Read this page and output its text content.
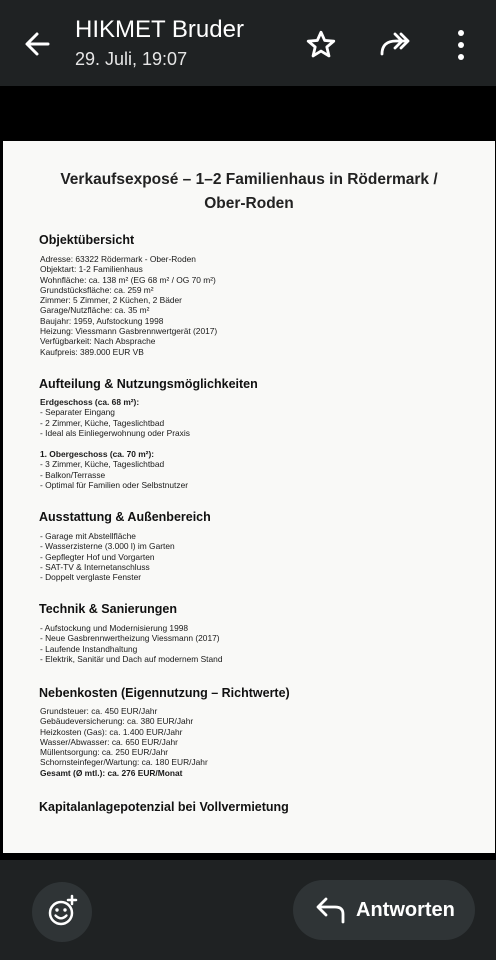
HIKMET Bruder
29. Juli, 19:07
Verkaufsexposé – 1–2 Familienhaus in Rödermark /
Ober-Roden
Objektübersicht
Adresse: 63322 Rödermark - Ober-Roden
Objektart: 1-2 Familienhaus
Wohnfläche: ca. 138 m² (EG 68 m² / OG 70 m²)
Grundstücksfläche: ca. 259 m²
Zimmer: 5 Zimmer, 2 Küchen, 2 Bäder
Garage/Nutzfläche: ca. 35 m²
Baujahr: 1959, Aufstockung 1998
Heizung: Viessmann Gasbrennwertgerät (2017)
Verfügbarkeit: Nach Absprache
Kaufpreis: 389.000 EUR VB
Aufteilung & Nutzungsmöglichkeiten
Erdgeschoss (ca. 68 m²):
- Separater Eingang
- 2 Zimmer, Küche, Tageslichtbad
- Ideal als Einliegerwohnung oder Praxis
1. Obergeschoss (ca. 70 m²):
- 3 Zimmer, Küche, Tageslichtbad
- Balkon/Terrasse
- Optimal für Familien oder Selbstnutzer
Ausstattung & Außenbereich
- Garage mit Abstellfläche
- Wasserzisterne (3.000 l) im Garten
- Gepflegter Hof und Vorgarten
- SAT-TV & Internetanschluss
- Doppelt verglaste Fenster
Technik & Sanierungen
- Aufstockung und Modernisierung 1998
- Neue Gasbrennwertheizung Viessmann (2017)
- Laufende Instandhaltung
- Elektrik, Sanitär und Dach auf modernem Stand
Nebenkosten (Eigennutzung – Richtwerte)
Grundsteuer: ca. 450 EUR/Jahr
Gebäudeversicherung: ca. 380 EUR/Jahr
Heizkosten (Gas): ca. 1.400 EUR/Jahr
Wasser/Abwasser: ca. 650 EUR/Jahr
Müllentsorgung: ca. 250 EUR/Jahr
Schornsteinfeger/Wartung: ca. 180 EUR/Jahr
Gesamt (Ø mtl.): ca. 276 EUR/Monat
Kapitalanlagepotenzial bei Vollvermietung
Antworten
